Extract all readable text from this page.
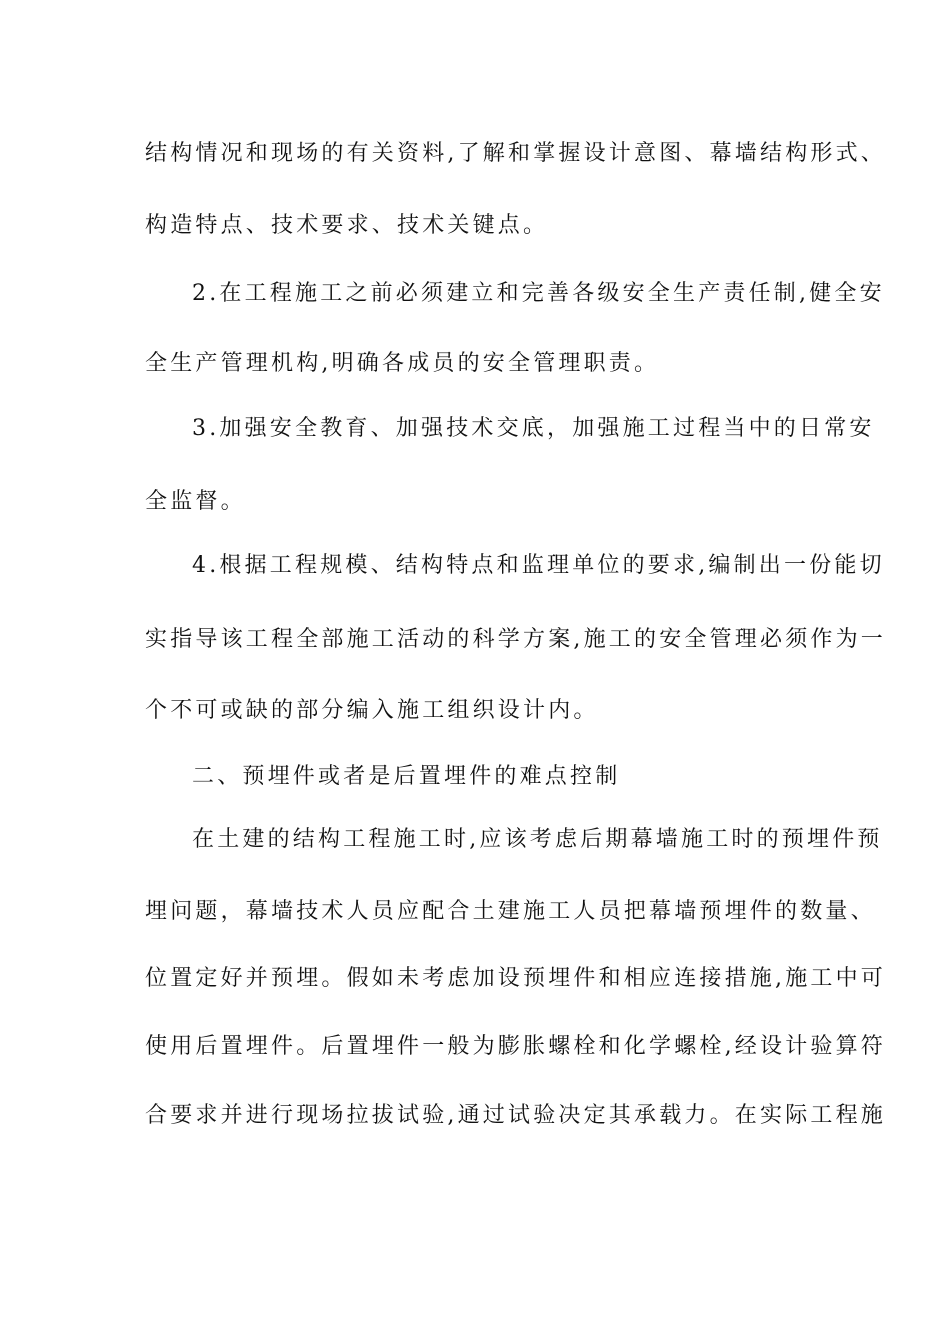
结构情况和现场的有关资料,了解和掌握设计意图、幕墙结构形式、
构造特点、技术要求、技术关键点。
2.在工程施工之前必须建立和完善各级安全生产责任制,健全安
全生产管理机构,明确各成员的安全管理职责。
3.加强安全教育、加强技术交底，加强施工过程当中的日常安
全监督。
4.根据工程规模、结构特点和监理单位的要求,编制出一份能切
实指导该工程全部施工活动的科学方案,施工的安全管理必须作为一
个不可或缺的部分编入施工组织设计内。
二、预埋件或者是后置埋件的难点控制
在土建的结构工程施工时,应该考虑后期幕墙施工时的预埋件预
埋问题，幕墙技术人员应配合土建施工人员把幕墙预埋件的数量、
位置定好并预埋。假如未考虑加设预埋件和相应连接措施,施工中可
使用后置埋件。后置埋件一般为膨胀螺栓和化学螺栓,经设计验算符
合要求并进行现场拉拔试验,通过试验决定其承载力。在实际工程施
